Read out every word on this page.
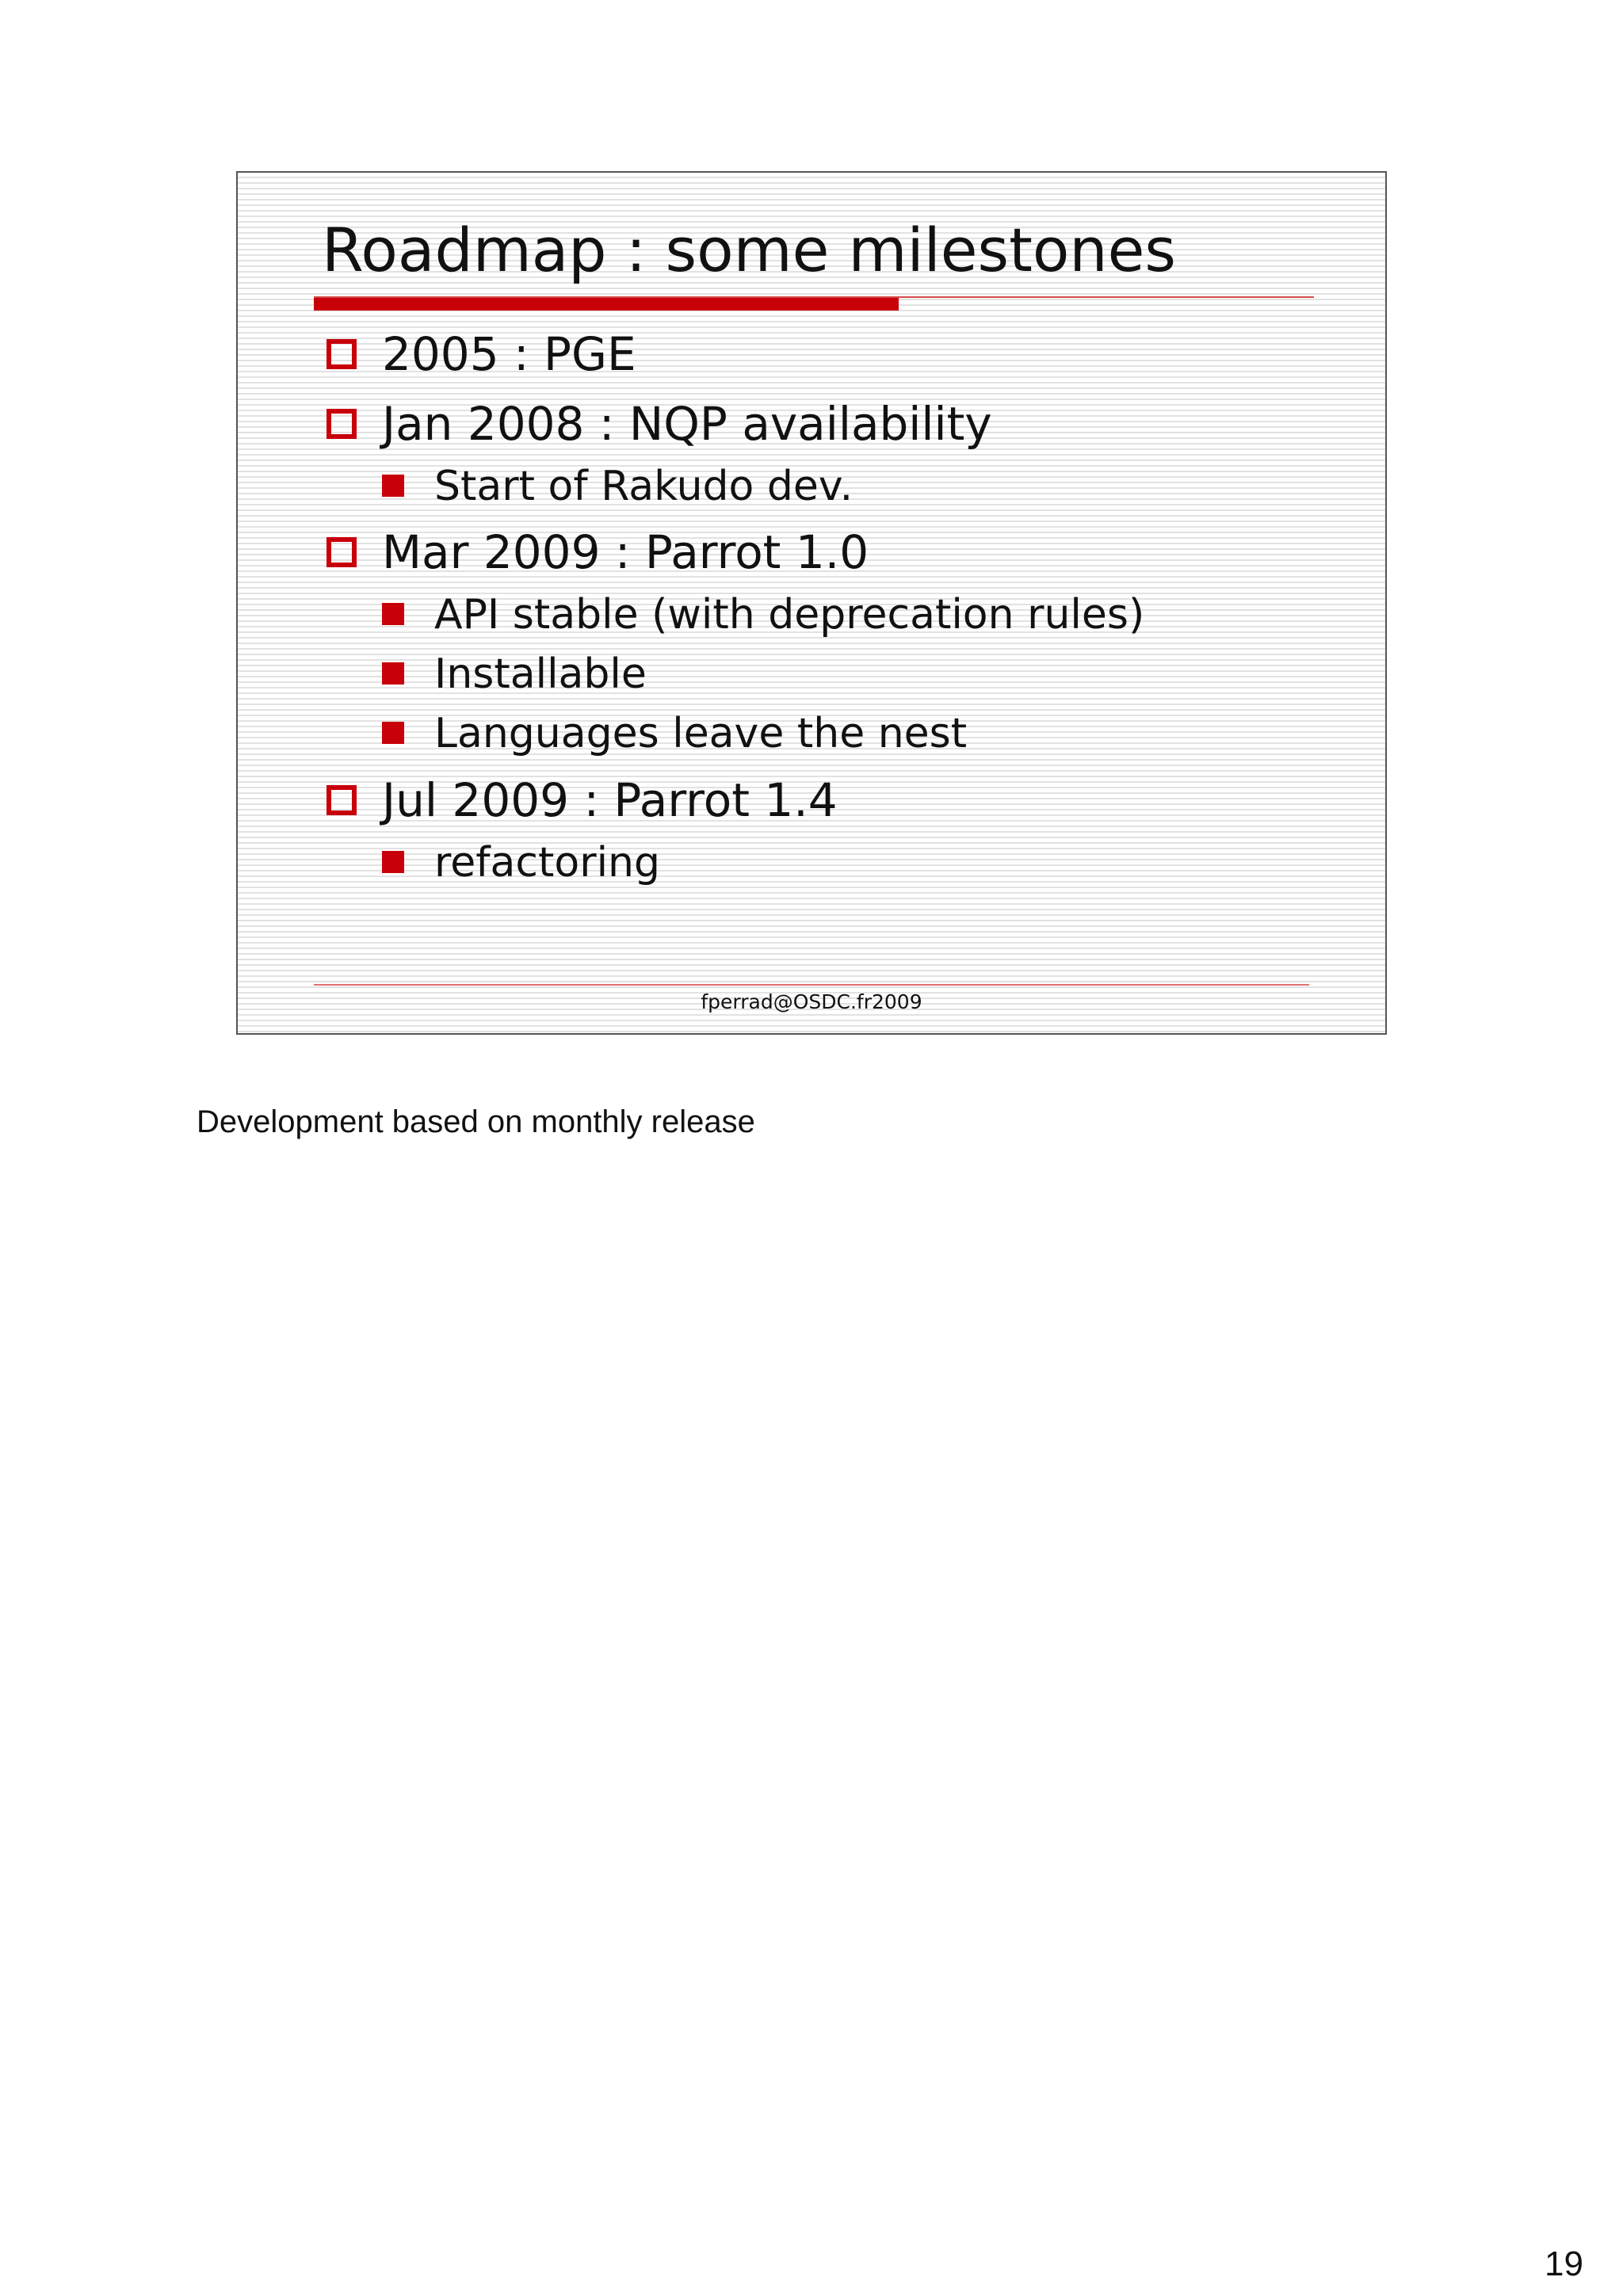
Roadmap : some milestones
2005 : PGE
Jan 2008 : NQP availability
Start of Rakudo dev.
Mar 2009 : Parrot 1.0
API stable (with deprecation rules)
Installable
Languages leave the nest
Jul 2009 : Parrot 1.4
refactoring
fperrad@OSDC.fr2009
Development based on monthly release
19
